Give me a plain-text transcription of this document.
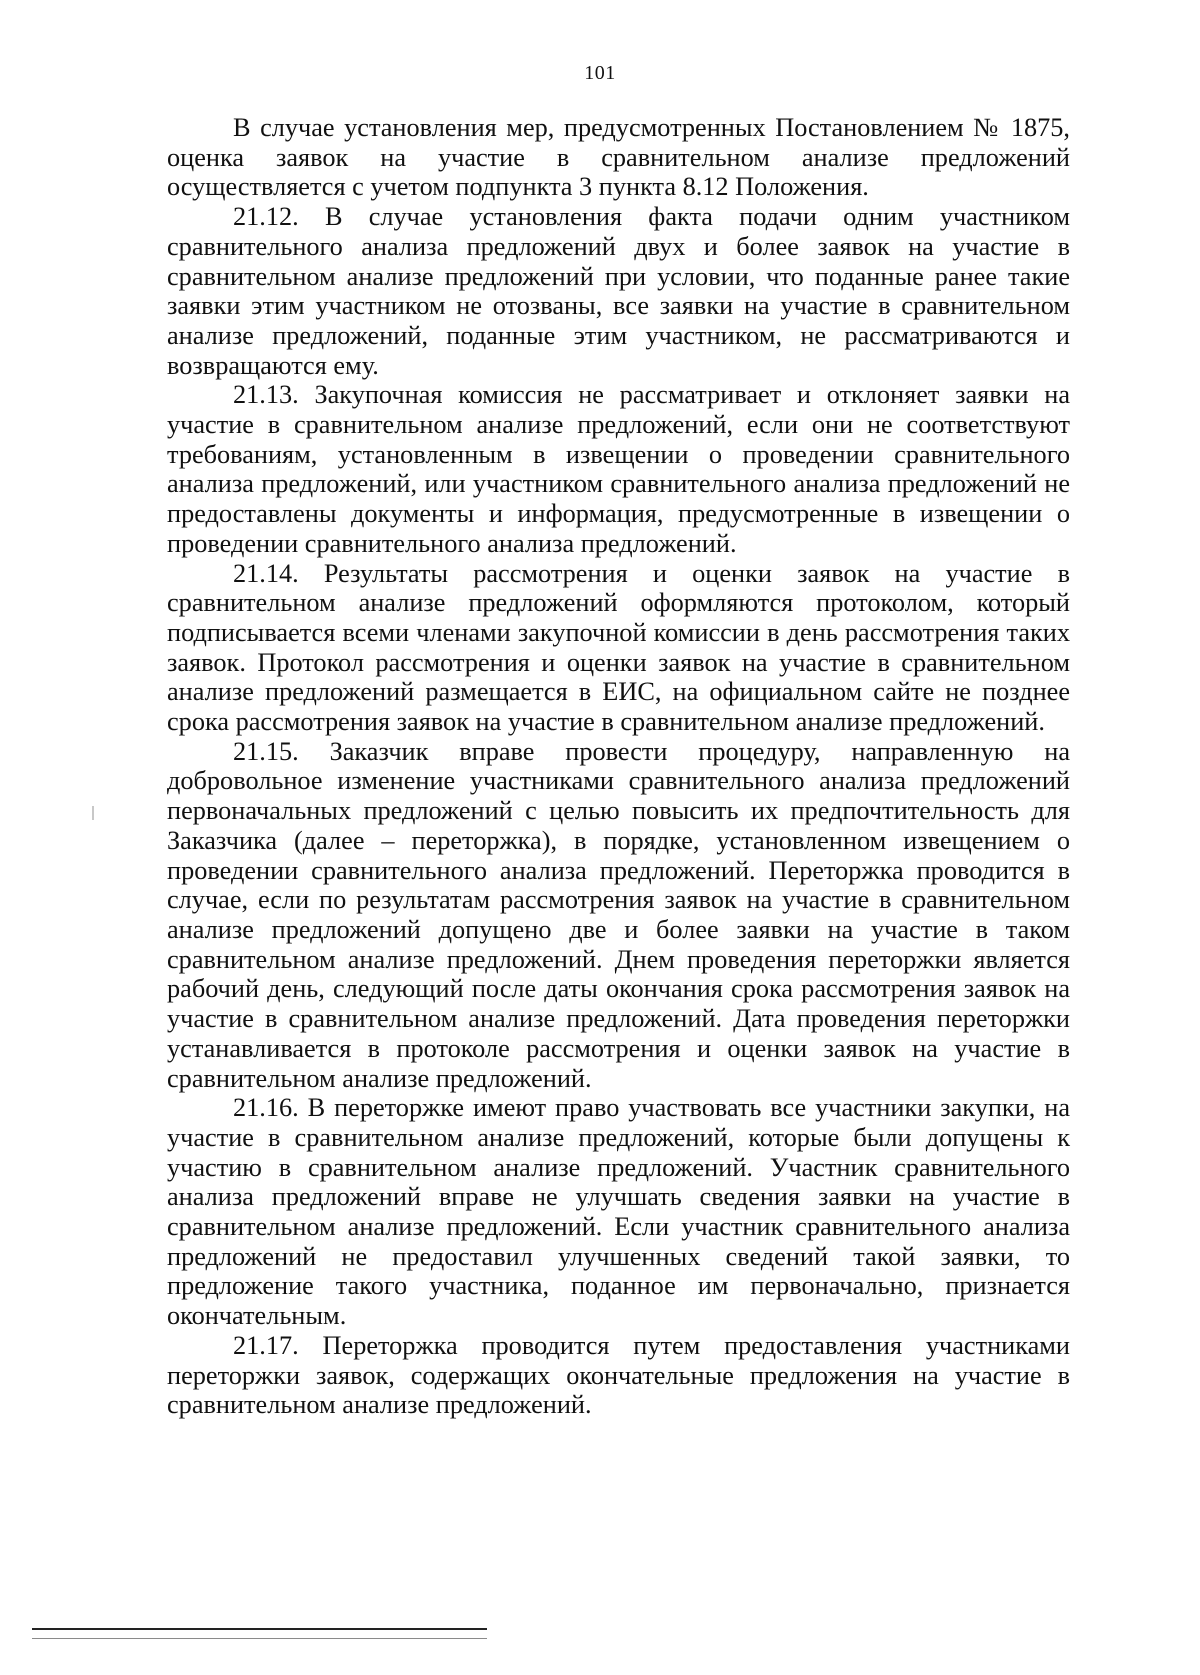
101

В случае установления мер, предусмотренных Постановлением № 1875, оценка заявок на участие в сравнительном анализе предложений осуществляется с учетом подпункта 3 пункта 8.12 Положения.

21.12. В случае установления факта подачи одним участником сравнительного анализа предложений двух и более заявок на участие в сравнительном анализе предложений при условии, что поданные ранее такие заявки этим участником не отозваны, все заявки на участие в сравнительном анализе предложений, поданные этим участником, не рассматриваются и возвращаются ему.

21.13. Закупочная комиссия не рассматривает и отклоняет заявки на участие в сравнительном анализе предложений, если они не соответствуют требованиям, установленным в извещении о проведении сравнительного анализа предложений, или участником сравнительного анализа предложений не предоставлены документы и информация, предусмотренные в извещении о проведении сравнительного анализа предложений.

21.14. Результаты рассмотрения и оценки заявок на участие в сравнительном анализе предложений оформляются протоколом, который подписывается всеми членами закупочной комиссии в день рассмотрения таких заявок. Протокол рассмотрения и оценки заявок на участие в сравнительном анализе предложений размещается в ЕИС, на официальном сайте не позднее срока рассмотрения заявок на участие в сравнительном анализе предложений.

21.15. Заказчик вправе провести процедуру, направленную на добровольное изменение участниками сравнительного анализа предложений первоначальных предложений с целью повысить их предпочтительность для Заказчика (далее – переторжка), в порядке, установленном извещением о проведении сравнительного анализа предложений. Переторжка проводится в случае, если по результатам рассмотрения заявок на участие в сравнительном анализе предложений допущено две и более заявки на участие в таком сравнительном анализе предложений. Днем проведения переторжки является рабочий день, следующий после даты окончания срока рассмотрения заявок на участие в сравнительном анализе предложений. Дата проведения переторжки устанавливается в протоколе рассмотрения и оценки заявок на участие в сравнительном анализе предложений.

21.16. В переторжке имеют право участвовать все участники закупки, на участие в сравнительном анализе предложений, которые были допущены к участию в сравнительном анализе предложений. Участник сравнительного анализа предложений вправе не улучшать сведения заявки на участие в сравнительном анализе предложений. Если участник сравнительного анализа предложений не предоставил улучшенных сведений такой заявки, то предложение такого участника, поданное им первоначально, признается окончательным.

21.17. Переторжка проводится путем предоставления участниками переторжки заявок, содержащих окончательные предложения на участие в сравнительном анализе предложений.
